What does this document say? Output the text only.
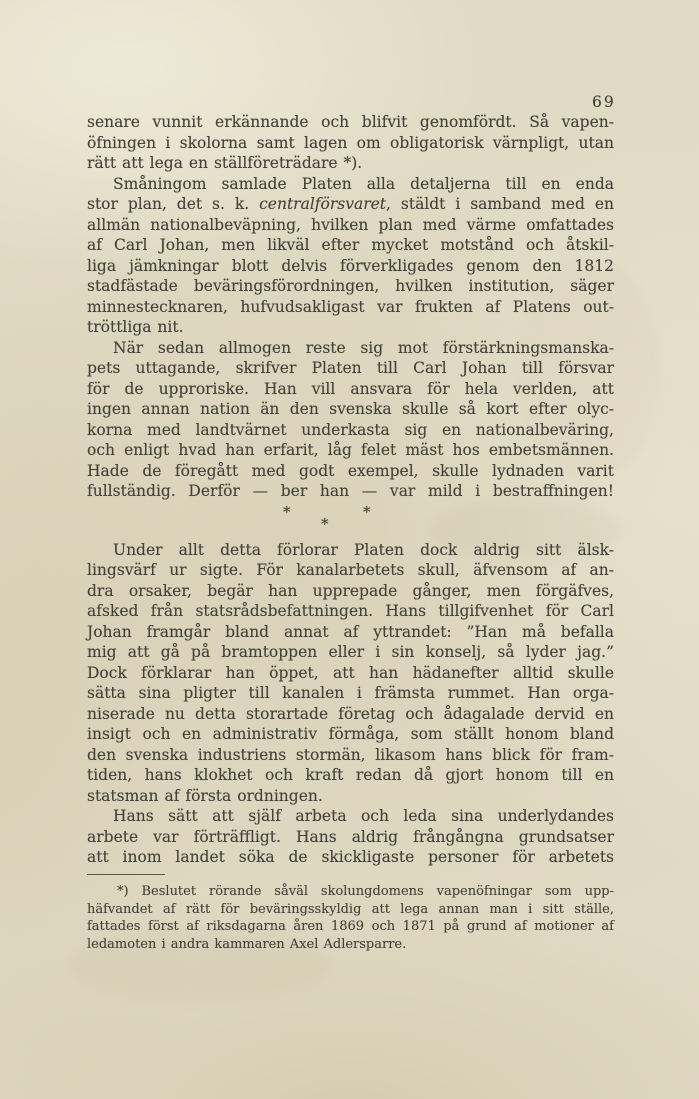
69
senare vunnit erkännande och blifvit genomfördt. Så vapen-
öfningen i skolorna samt lagen om obligatorisk värnpligt, utan
rätt att lega en ställföreträdare *).
Småningom samlade Platen alla detaljerna till en enda
stor plan, det s. k. centralförsvaret, stäldt i samband med en
allmän nationalbeväpning, hvilken plan med värme omfattades
af Carl Johan, men likväl efter mycket motstånd och åtskil-
liga jämkningar blott delvis förverkligades genom den 1812
stadfästade beväringsförordningen, hvilken institution, säger
minnestecknaren, hufvudsakligast var frukten af Platens out-
tröttliga nit.
När sedan allmogen reste sig mot förstärkningsmanska-
pets uttagande, skrifver Platen till Carl Johan till försvar
för de upproriske. Han vill ansvara för hela verlden, att
ingen annan nation än den svenska skulle så kort efter olyc-
korna med landtvärnet underkasta sig en nationalbeväring,
och enligt hvad han erfarit, låg felet mäst hos embetsmännen.
Hade de föregått med godt exempel, skulle lydnaden varit
fullständig. Derför — ber han — var mild i bestraffningen!
*	*
*
Under allt detta förlorar Platen dock aldrig sitt älsk-
lingsvärf ur sigte. För kanalarbetets skull, äfvensom af an-
dra orsaker, begär han upprepade gånger, men förgäfves,
afsked från statsrådsbefattningen. Hans tillgifvenhet för Carl
Johan framgår bland annat af yttrandet: ”Han må befalla
mig att gå på bramtoppen eller i sin konselj, så lyder jag.”
Dock förklarar han öppet, att han hädanefter alltid skulle
sätta sina pligter till kanalen i främsta rummet. Han orga-
niserade nu detta storartade företag och ådagalade dervid en
insigt och en administrativ förmåga, som ställt honom bland
den svenska industriens stormän, likasom hans blick för fram-
tiden, hans klokhet och kraft redan då gjort honom till en
statsman af första ordningen.
Hans sätt att själf arbeta och leda sina underlydandes
arbete var förträffligt. Hans aldrig frångångna grundsatser
att inom landet söka de skickligaste personer för arbetets
*) Beslutet rörande såväl skolungdomens vapenöfningar som upp-
häfvandet af rätt för beväringsskyldig att lega annan man i sitt ställe,
fattades först af riksdagarna åren 1869 och 1871 på grund af motioner af
ledamoten i andra kammaren Axel Adlersparre.
